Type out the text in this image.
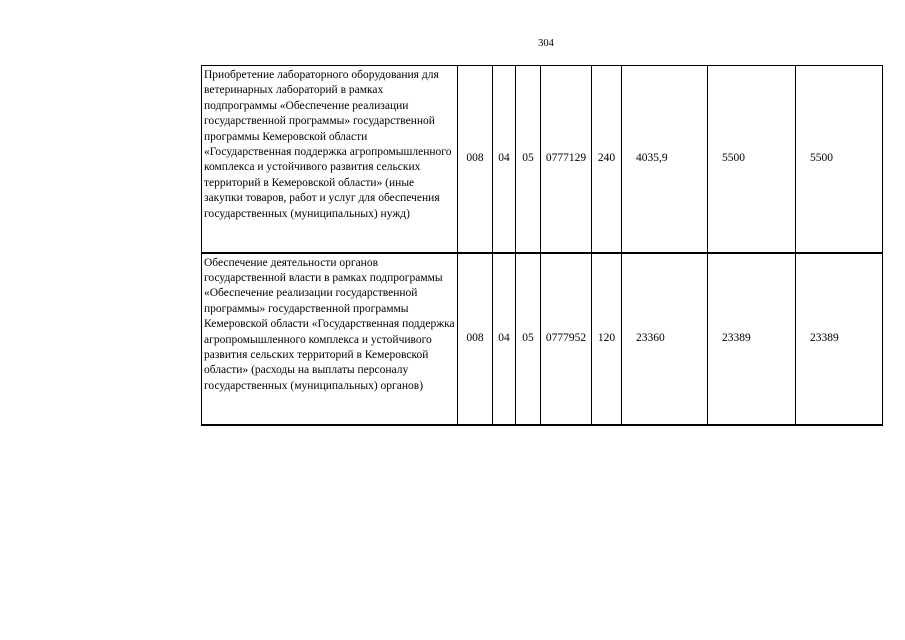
304
Приобретение лабораторного оборудования для ветеринарных лабораторий в рамках подпрограммы «Обеспечение реализации государственной программы» государственной программы Кемеровской области «Государственная поддержка агропромышленного комплекса и устойчивого развития сельских территорий в Кемеровской области» (иные закупки товаров, работ и услуг для обеспечения государственных (муниципальных) нужд)	008	04	05	0777129	240	4035,9	5500	5500
Обеспечение деятельности органов государственной власти в рамках подпрограммы «Обеспечение реализации государственной программы» государственной программы Кемеровской области «Государственная поддержка агропромышленного комплекса и устойчивого развития сельских территорий в Кемеровской области» (расходы на выплаты персоналу государственных (муниципальных) органов)	008	04	05	0777952	120	23360	23389	23389
